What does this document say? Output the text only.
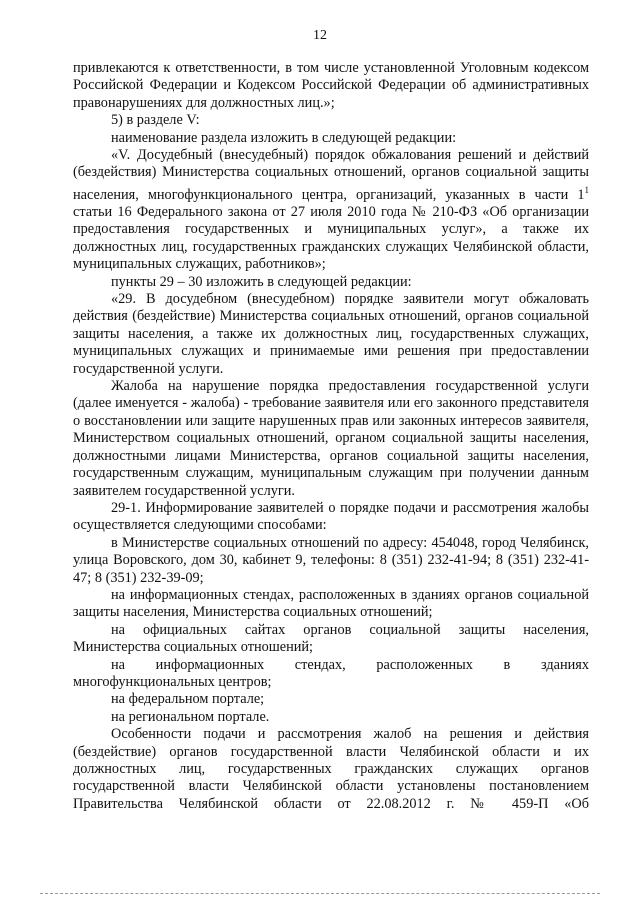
12

привлекаются к ответственности, в том числе установленной Уголовным кодексом Российской Федерации и Кодексом Российской Федерации об административных правонарушениях для должностных лиц.»;

5) в разделе V:

наименование раздела изложить в следующей редакции:

«V. Досудебный (внесудебный) порядок обжалования решений и действий (бездействия) Министерства социальных отношений, органов социальной защиты населения, многофункционального центра, организаций, указанных в части $1^1$ статьи 16 Федерального закона от 27 июля 2010 года № 210-ФЗ «Об организации предоставления государственных и муниципальных услуг», а также их должностных лиц, государственных гражданских служащих Челябинской области, муниципальных служащих, работников»;

пункты 29 – 30 изложить в следующей редакции:

«29. В досудебном (внесудебном) порядке заявители могут обжаловать действия (бездействие) Министерства социальных отношений, органов социальной защиты населения, а также их должностных лиц, государственных служащих, муниципальных служащих и принимаемые ими решения при предоставлении государственной услуги.

Жалоба на нарушение порядка предоставления государственной услуги (далее именуется - жалоба) - требование заявителя или его законного представителя о восстановлении или защите нарушенных прав или законных интересов заявителя, Министерством социальных отношений, органом социальной защиты населения, должностными лицами Министерства, органов социальной защиты населения, государственным служащим, муниципальным служащим при получении данным заявителем государственной услуги.

29-1. Информирование заявителей о порядке подачи и рассмотрения жалобы осуществляется следующими способами:

в Министерстве социальных отношений по адресу: 454048, город Челябинск, улица Воровского, дом 30, кабинет 9, телефоны: 8 (351) 232-41-94; 8 (351) 232-41-47; 8 (351) 232-39-09;

на информационных стендах, расположенных в зданиях органов социальной защиты населения, Министерства социальных отношений;

на официальных сайтах органов социальной защиты населения, Министерства социальных отношений;

на информационных стендах, расположенных в зданиях многофункциональных центров;

на федеральном портале;

на региональном портале.

Особенности подачи и рассмотрения жалоб на решения и действия (бездействие) органов государственной власти Челябинской области и их должностных лиц, государственных гражданских служащих органов государственной власти Челябинской области установлены постановлением Правительства Челябинской области от 22.08.2012 г. № 459-П «Об
